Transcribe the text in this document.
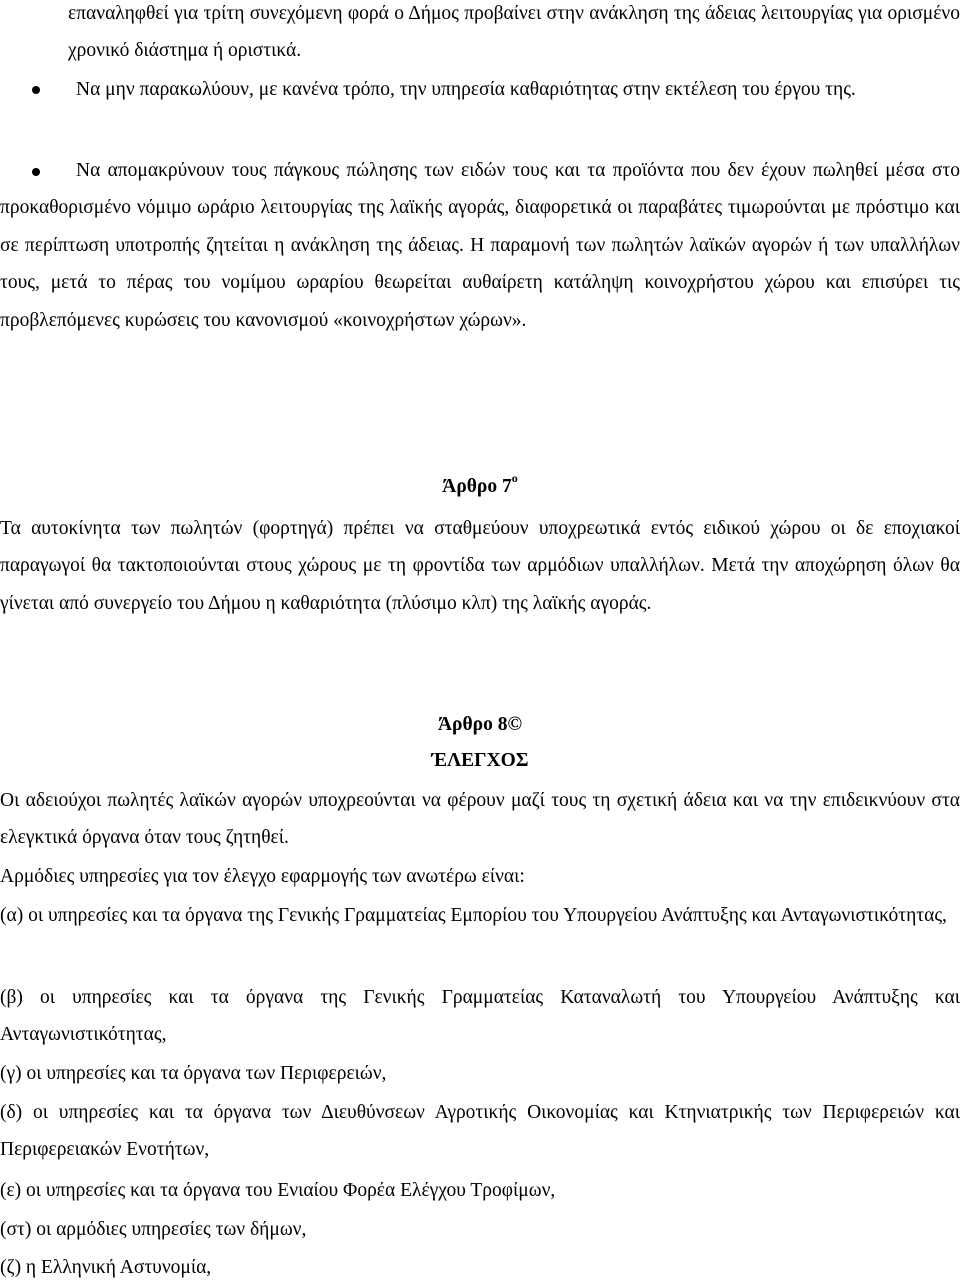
επαναληφθεί για τρίτη συνεχόμενη φορά ο Δήμος προβαίνει στην ανάκληση της άδειας λειτουργίας για ορισμένο χρονικό διάστημα ή οριστικά.

Να μην παρακωλύουν, με κανένα τρόπο, την υπηρεσία καθαριότητας στην εκτέλεση του έργου της.

Να απομακρύνουν τους πάγκους πώλησης των ειδών τους και τα προϊόντα που δεν έχουν πωληθεί μέσα στο προκαθορισμένο νόμιμο ωράριο λειτουργίας της λαϊκής αγοράς, διαφορετικά οι παραβάτες τιμωρούνται με πρόστιμο και σε περίπτωση υποτροπής ζητείται η ανάκληση της άδειας. Η παραμονή των πωλητών λαϊκών αγορών ή των υπαλλήλων τους, μετά το πέρας του νομίμου ωραρίου θεωρείται αυθαίρετη κατάληψη κοινοχρήστου χώρου και επισύρει τις προβλεπόμενες κυρώσεις του κανονισμού «κοινοχρήστων χώρων».

Άρθρο $7^o$

Τα αυτοκίνητα των πωλητών (φορτηγά) πρέπει να σταθμεύουν υποχρεωτικά εντός ειδικού χώρου οι δε εποχιακοί παραγωγοί θα τακτοποιούνται στους χώρους με τη φροντίδα των αρμόδιων υπαλλήλων. Μετά την αποχώρηση όλων θα γίνεται από συνεργείο του Δήμου η καθαριότητα (πλύσιμο κλπ) της λαϊκής αγοράς.

Άρθρο 8©

ΈΛΕΓΧΟΣ

Οι αδειούχοι πωλητές λαϊκών αγορών υποχρεούνται να φέρουν μαζί τους τη σχετική άδεια και να την επιδεικνύουν στα ελεγκτικά όργανα όταν τους ζητηθεί.

Αρμόδιες υπηρεσίες για τον έλεγχο εφαρμογής των ανωτέρω είναι:

(α) οι υπηρεσίες και τα όργανα της Γενικής Γραμματείας Εμπορίου του Υπουργείου Ανάπτυξης και Ανταγωνιστικότητας,

(β) οι υπηρεσίες και τα όργανα της Γενικής Γραμματείας Καταναλωτή του Υπουργείου Ανάπτυξης και Ανταγωνιστικότητας,

(γ) οι υπηρεσίες και τα όργανα των Περιφερειών,

(δ) οι υπηρεσίες και τα όργανα των Διευθύνσεων Αγροτικής Οικονομίας και Κτηνιατρικής των Περιφερειών και Περιφερειακών Ενοτήτων,

(ε) οι υπηρεσίες και τα όργανα του Ενιαίου Φορέα Ελέγχου Τροφίμων,

(στ) οι αρμόδιες υπηρεσίες των δήμων,

(ζ) η Ελληνική Αστυνομία,
